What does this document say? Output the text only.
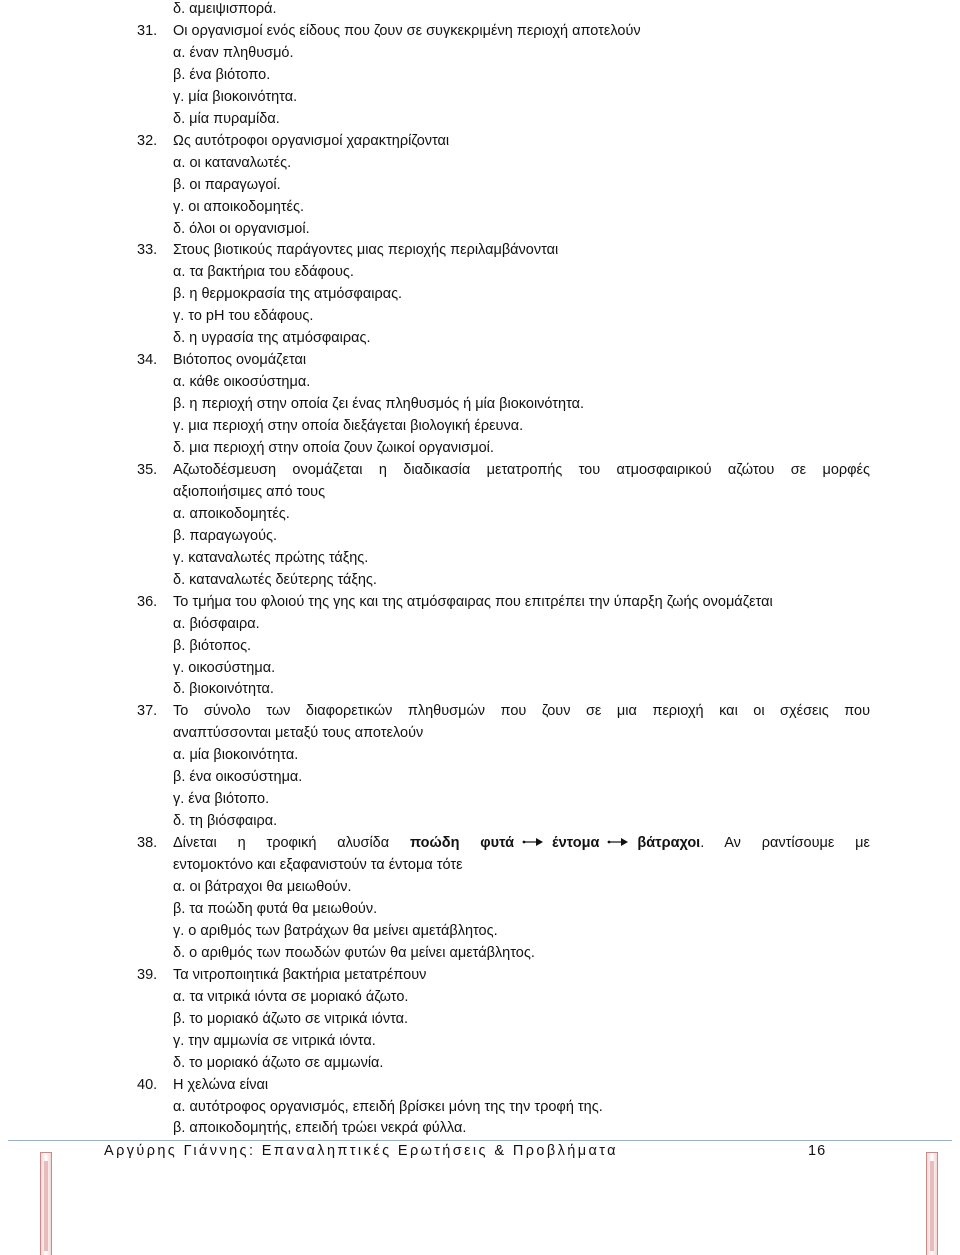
δ. αμειψισπορά.
31.	Οι οργανισμοί ενός είδους που ζουν σε συγκεκριμένη περιοχή αποτελούν
α. έναν πληθυσμό.
β. ένα βιότοπο.
γ. μία βιοκοινότητα.
δ. μία πυραμίδα.
32.	Ως αυτότροφοι οργανισμοί χαρακτηρίζονται
α. οι καταναλωτές.
β. οι παραγωγοί.
γ. οι αποικοδομητές.
δ. όλοι οι οργανισμοί.
33.	Στους βιοτικούς παράγοντες μιας περιοχής περιλαμβάνονται
α. τα βακτήρια του εδάφους.
β. η θερμοκρασία της ατμόσφαιρας.
γ. το pH του εδάφους.
δ. η υγρασία της ατμόσφαιρας.
34.	Βιότοπος ονομάζεται
α. κάθε οικοσύστημα.
β. η περιοχή στην οποία ζει ένας πληθυσμός ή μία βιοκοινότητα.
γ. μια περιοχή στην οποία διεξάγεται βιολογική έρευνα.
δ. μια περιοχή στην οποία ζουν ζωικοί οργανισμοί.
35.	Αζωτοδέσμευση ονομάζεται η διαδικασία μετατροπής του ατμοσφαιρικού αζώτου σε μορφές
αξιοποιήσιμες από τους
α. αποικοδομητές.
β. παραγωγούς.
γ. καταναλωτές πρώτης τάξης.
δ. καταναλωτές δεύτερης τάξης.
36.	Το τμήμα του φλοιού της γης και της ατμόσφαιρας που επιτρέπει την ύπαρξη ζωής ονομάζεται
α. βιόσφαιρα.
β. βιότοπος.
γ. οικοσύστημα.
δ. βιοκοινότητα.
37.	Το σύνολο των διαφορετικών πληθυσμών που ζουν σε μια περιοχή και οι σχέσεις που
αναπτύσσονται μεταξύ τους αποτελούν
α. μία βιοκοινότητα.
β. ένα οικοσύστημα.
γ. ένα βιότοπο.
δ. τη βιόσφαιρα.
38.	Δίνεται η τροφική αλυσίδα ποώδη φυτά	έντομα	βάτραχοι. Αν ραντίσουμε με
εντομοκτόνο και εξαφανιστούν τα έντομα τότε
α. οι βάτραχοι θα μειωθούν.
β. τα ποώδη φυτά θα μειωθούν.
γ. ο αριθμός των βατράχων θα μείνει αμετάβλητος.
δ. ο αριθμός των ποωδών φυτών θα μείνει αμετάβλητος.
39.	Τα νιτροποιητικά βακτήρια μετατρέπουν
α. τα νιτρικά ιόντα σε μοριακό άζωτο.
β. το μοριακό άζωτο σε νιτρικά ιόντα.
γ. την αμμωνία σε νιτρικά ιόντα.
δ. το μοριακό άζωτο σε αμμωνία.
40.	Η χελώνα είναι
α. αυτότροφος οργανισμός, επειδή βρίσκει μόνη της την τροφή της.
β. αποικοδομητής, επειδή τρώει νεκρά φύλλα.
Αργύρης Γιάννης: Επαναληπτικές Ερωτήσεις & Προβλήματα	16
